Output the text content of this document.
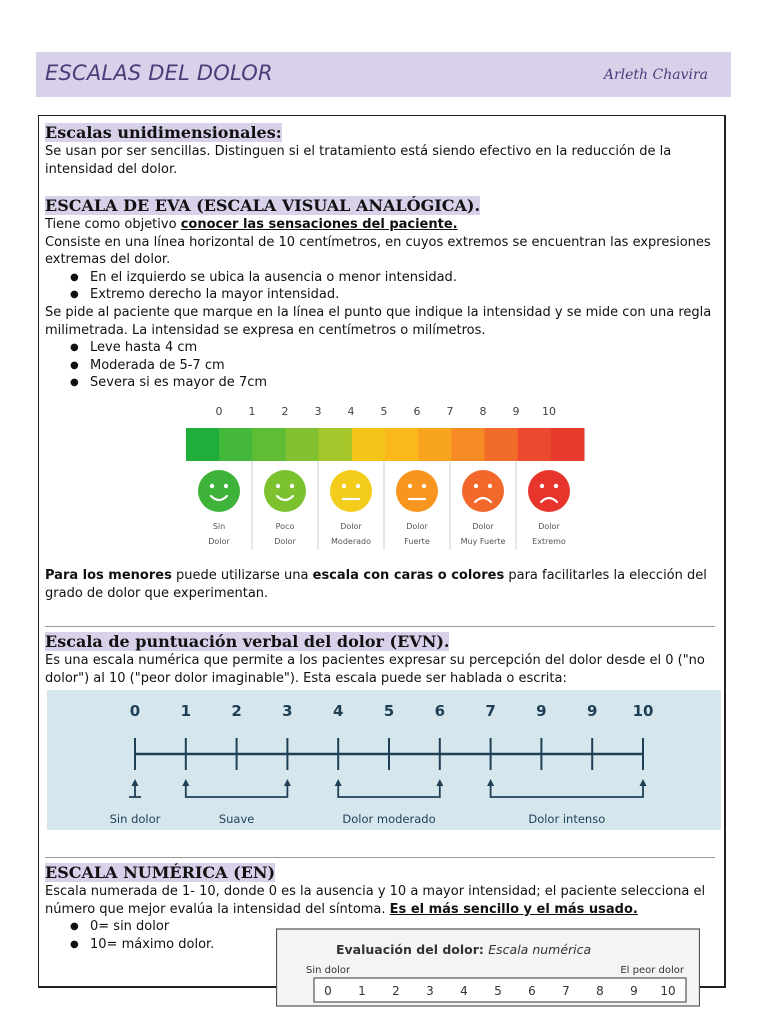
ESCALAS DEL DOLOR	Arleth Chavira
Escalas unidimensionales:

Se usan por ser sencillas. Distinguen si el tratamiento está siendo efectivo en la reducción de la intensidad del dolor.

ESCALA DE EVA (ESCALA VISUAL ANALÓGICA).

Tiene como objetivo conocer las sensaciones del paciente.

Consiste en una línea horizontal de 10 centímetros, en cuyos extremos se encuentran las expresiones extremas del dolor.

● En el izquierdo se ubica la ausencia o menor intensidad.
● Extremo derecho la mayor intensidad.

Se pide al paciente que marque en la línea el punto que indique la intensidad y se mide con una regla milimetrada. La intensidad se expresa en centímetros o milímetros.

● Leve hasta 4 cm
● Moderada de 5-7 cm
● Severa si es mayor de 7cm
0 1 2 3 4 5 6 7 8 9 10
Sin
Dolor
Poco
Dolor
Dolor
Moderado
Dolor
Fuerte
Dolor
Muy Fuerte
Dolor
Extremo

Para los menores puede utilizarse una escala con caras o colores para facilitarles la elección del grado de dolor que experimentan.

Escala de puntuación verbal del dolor (EVN).

Es una escala numérica que permite a los pacientes expresar su percepción del dolor desde el 0 ("no dolor") al 10 ("peor dolor imaginable"). Esta escala puede ser hablada o escrita:

0	1	2	3	4	5	6	7	9	9 10
Sin dolor	Suave	Dolor moderado	Dolor intenso
ESCALA NUMÉRICA (EN)

Escala numerada de 1- 10, donde 0 es la ausencia y 10 a mayor intensidad; el paciente selecciona el número que mejor evalúa la intensidad del síntoma. Es el más sencillo y el más usado.

● 0= sin dolor
● 10= máximo dolor.	Evaluación del dolor: Escala numérica
Sin dolor	El peor dolor
0 1 2 3 4 5 6 7 8 9 10
